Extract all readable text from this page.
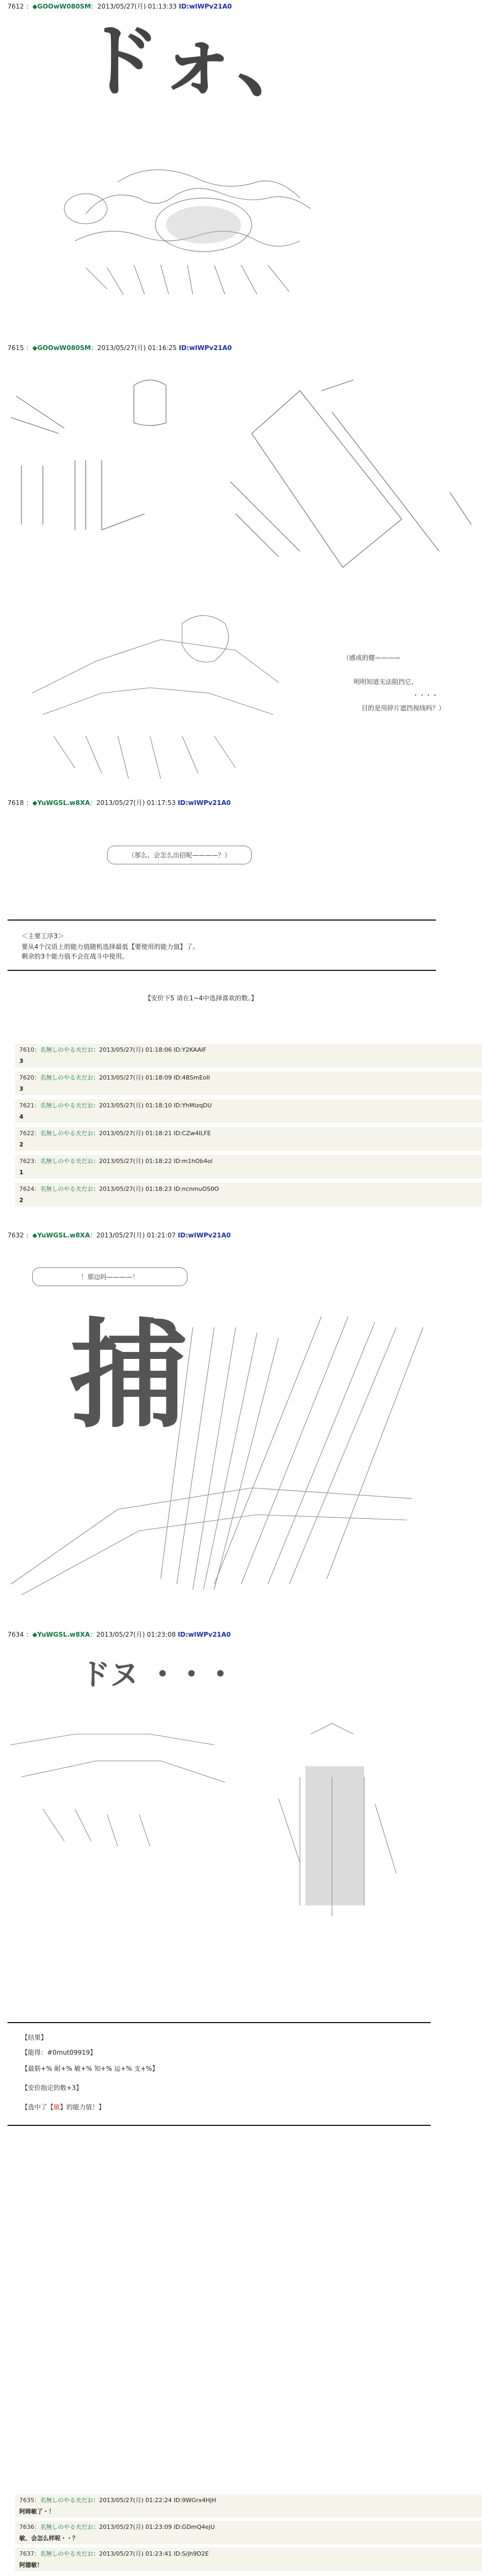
7612 ：◆GOOwW080SM：2013/05/27(月) 01:13:33 ID:wIWPv21A0
ドォ、
7615 ：◆GOOwW080SM：2013/05/27(月) 01:16:25 ID:wIWPv21A0
（感成的健————
明明知道无法阻挡它，
・・・・
目的是用碎片遮挡视线吗？）
7618 ：◆YuWGSL.w8XA：2013/05/27(月) 01:17:53 ID:wIWPv21A0
（那么、会怎么出招呢————？）
＜主要工序3＞
要从4个汉语上的能力值随机选择最低【要使用的能力值】了。
剩余的3个能力值不会在战斗中使用。
【安价下5 请在1~4中选择喜欢的数。】
7610：名無しのやる夫だお：2013/05/27(月) 01:18:06 ID:Y2KAAIF
3
7620：名無しのやる夫だお：2013/05/27(月) 01:18:09 ID:4BSmEoII
3
7621：名無しのやる夫だお：2013/05/27(月) 01:18:10 ID:YhMizqDU
4
7622：名無しのやる夫だお：2013/05/27(月) 01:18:21 ID:CZw4ILFE
2
7623：名無しのやる夫だお：2013/05/27(月) 01:18:22 ID:m1hOb4ol
1
7624：名無しのやる夫だお：2013/05/27(月) 01:18:23 ID:ncnmuOS0O
2
7632 ：◆YuWGSL.w8XA：2013/05/27(月) 01:21:07 ID:wIWPv21A0
！那边吗————！
捕
7634 ：◆YuWGSL.w8XA：2013/05/27(月) 01:23:08 ID:wIWPv21A0
ドヌ ・・・
【结果】
【能得：#0mut09919】
【最筋+% 耐+% 敏+% 知+% 运+% 支+%】
【安价指定的数+3】
【选中了【敏】的能力值！】
7635：名無しのやる夫だお：2013/05/27(月) 01:22:24 ID:9WGrx4HjH
阿姆敏了・！
7636：名無しのやる夫だお：2013/05/27(月) 01:23:09 ID:GDmQ4ejU
敏、会怎么样呢・・？
7637：名無しのやる夫だお：2013/05/27(月) 01:23:41 ID:S/jh9D2E
阿德敏！
